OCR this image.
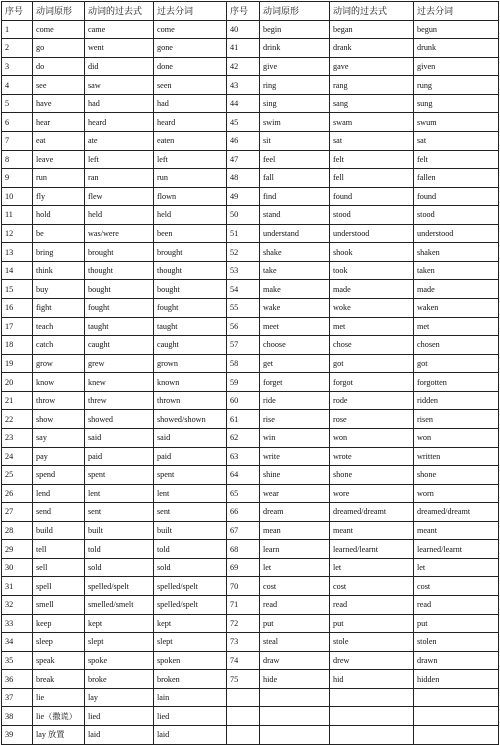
序号	动词原形	动词的过去式	过去分词	序号	动词原形	动词的过去式	过去分词
1	come	came	come	40	begin	began	begun
2	go	went	gone	41	drink	drank	drunk
3	do	did	done	42	give	gave	given
4	see	saw	seen	43	ring	rang	rung
5	have	had	had	44	sing	sang	sung
6	hear	heard	heard	45	swim	swam	swum
7	eat	ate	eaten	46	sit	sat	sat
8	leave	left	left	47	feel	felt	felt
9	run	ran	run	48	fall	fell	fallen
10	fly	flew	flown	49	find	found	found
11	hold	held	held	50	stand	stood	stood
12	be	was/were	been	51	understand	understood	understood
13	bring	brought	brought	52	shake	shook	shaken
14	think	thought	thought	53	take	took	taken
15	buy	bought	bought	54	make	made	made
16	fight	fought	fought	55	wake	woke	waken
17	teach	taught	taught	56	meet	met	met
18	catch	caught	caught	57	choose	chose	chosen
19	grow	grew	grown	58	get	got	got
20	know	knew	known	59	forget	forgot	forgotten
21	throw	threw	thrown	60	ride	rode	ridden
22	show	showed	showed/shown	61	rise	rose	risen
23	say	said	said	62	win	won	won
24	pay	paid	paid	63	write	wrote	written
25	spend	spent	spent	64	shine	shone	shone
26	lend	lent	lent	65	wear	wore	worn
27	send	sent	sent	66	dream	dreamed/dreamt	dreamed/dreamt
28	build	built	built	67	mean	meant	meant
29	tell	told	told	68	learn	learned/learnt	learned/learnt
30	sell	sold	sold	69	let	let	let
31	spell	spelled/spelt	spelled/spelt	70	cost	cost	cost
32	smell	smelled/smelt	spelled/spelt	71	read	read	read
33	keep	kept	kept	72	put	put	put
34	sleep	slept	slept	73	steal	stole	stolen
35	speak	spoke	spoken	74	draw	drew	drawn
36	break	broke	broken	75	hide	hid	hidden
37	lie	lay	lain				
38	lie（撒谎）	lied	lied				
39	lay 放置	laid	laid				
